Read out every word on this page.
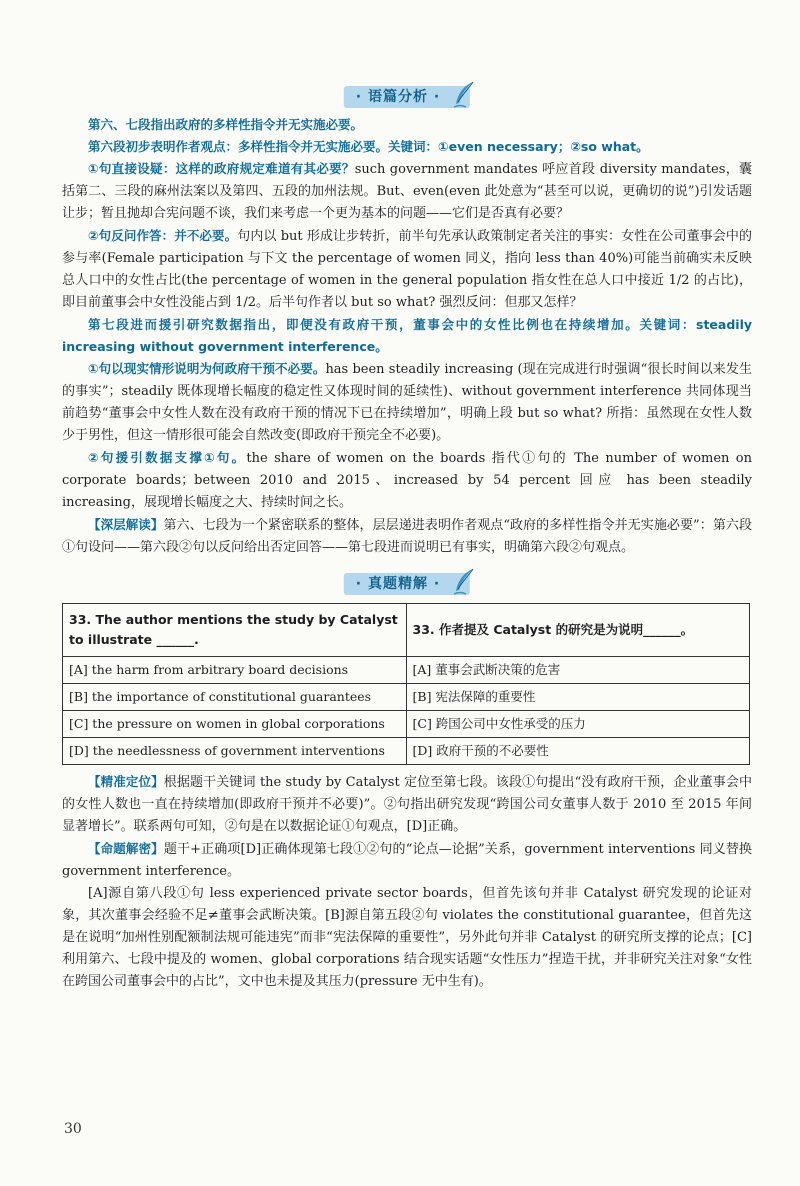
· 语篇分析 ·

第六、七段指出政府的多样性指令并无实施必要。

第六段初步表明作者观点：多样性指令并无实施必要。关键词：①even necessary；②so what。

①句直接设疑：这样的政府规定难道有其必要？such government mandates 呼应首段 diversity mandates，囊括第二、三段的麻州法案以及第四、五段的加州法规。But、even(even 此处意为“甚至可以说，更确切的说”)引发话题让步；暂且抛却合宪问题不谈，我们来考虑一个更为基本的问题——它们是否真有必要？

②句反问作答：并不必要。句内以 but 形成让步转折，前半句先承认政策制定者关注的事实：女性在公司董事会中的参与率(Female participation 与下文 the percentage of women 同义，指向 less than 40%)可能当前确实未反映总人口中的女性占比(the percentage of women in the general population 指女性在总人口中接近 1/2 的占比)，即目前董事会中女性没能占到 1/2。后半句作者以 but so what? 强烈反问：但那又怎样？

第七段进而援引研究数据指出，即便没有政府干预，董事会中的女性比例也在持续增加。关键词：steadily increasing without government interference。

①句以现实情形说明为何政府干预不必要。has been steadily increasing (现在完成进行时强调“很长时间以来发生的事实”；steadily 既体现增长幅度的稳定性又体现时间的延续性)、without government interference 共同体现当前趋势“董事会中女性人数在没有政府干预的情况下已在持续增加”，明确上段 but so what? 所指：虽然现在女性人数少于男性，但这一情形很可能会自然改变(即政府干预完全不必要)。

②句援引数据支撑①句。the share of women on the boards 指代①句的 The number of women on corporate boards；between 2010 and 2015、increased by 54 percent 回应 has been steadily increasing，展现增长幅度之大、持续时间之长。

【深层解读】第六、七段为一个紧密联系的整体，层层递进表明作者观点“政府的多样性指令并无实施必要”：第六段①句设问——第六段②句以反问给出否定回答——第七段进而说明已有事实，明确第六段②句观点。

· 真题精解 ·
33. The author mentions the study by Catalyst to illustrate ______.	33. 作者提及 Catalyst 的研究是为说明______。
[A] the harm from arbitrary board decisions	[A] 董事会武断决策的危害
[B] the importance of constitutional guarantees	[B] 宪法保障的重要性
[C] the pressure on women in global corporations	[C] 跨国公司中女性承受的压力
[D] the needlessness of government interventions	[D] 政府干预的不必要性

【精准定位】根据题干关键词 the study by Catalyst 定位至第七段。该段①句提出“没有政府干预，企业董事会中的女性人数也一直在持续增加(即政府干预并不必要)”。②句指出研究发现“跨国公司女董事人数于 2010 至 2015 年间显著增长”。联系两句可知，②句是在以数据论证①句观点，[D]正确。

【命题解密】题干+正确项[D]正确体现第七段①②句的“论点—论据”关系，government interventions 同义替换 government interference。

[A]源自第八段①句 less experienced private sector boards，但首先该句并非 Catalyst 研究发现的论证对象，其次董事会经验不足≠董事会武断决策。[B]源自第五段②句 violates the constitutional guarantee，但首先这是在说明“加州性别配额制法规可能违宪”而非“宪法保障的重要性”，另外此句并非 Catalyst 的研究所支撑的论点；[C]利用第六、七段中提及的 women、global corporations 结合现实话题“女性压力”捏造干扰，并非研究关注对象“女性在跨国公司董事会中的占比”，文中也未提及其压力(pressure 无中生有)。

30
